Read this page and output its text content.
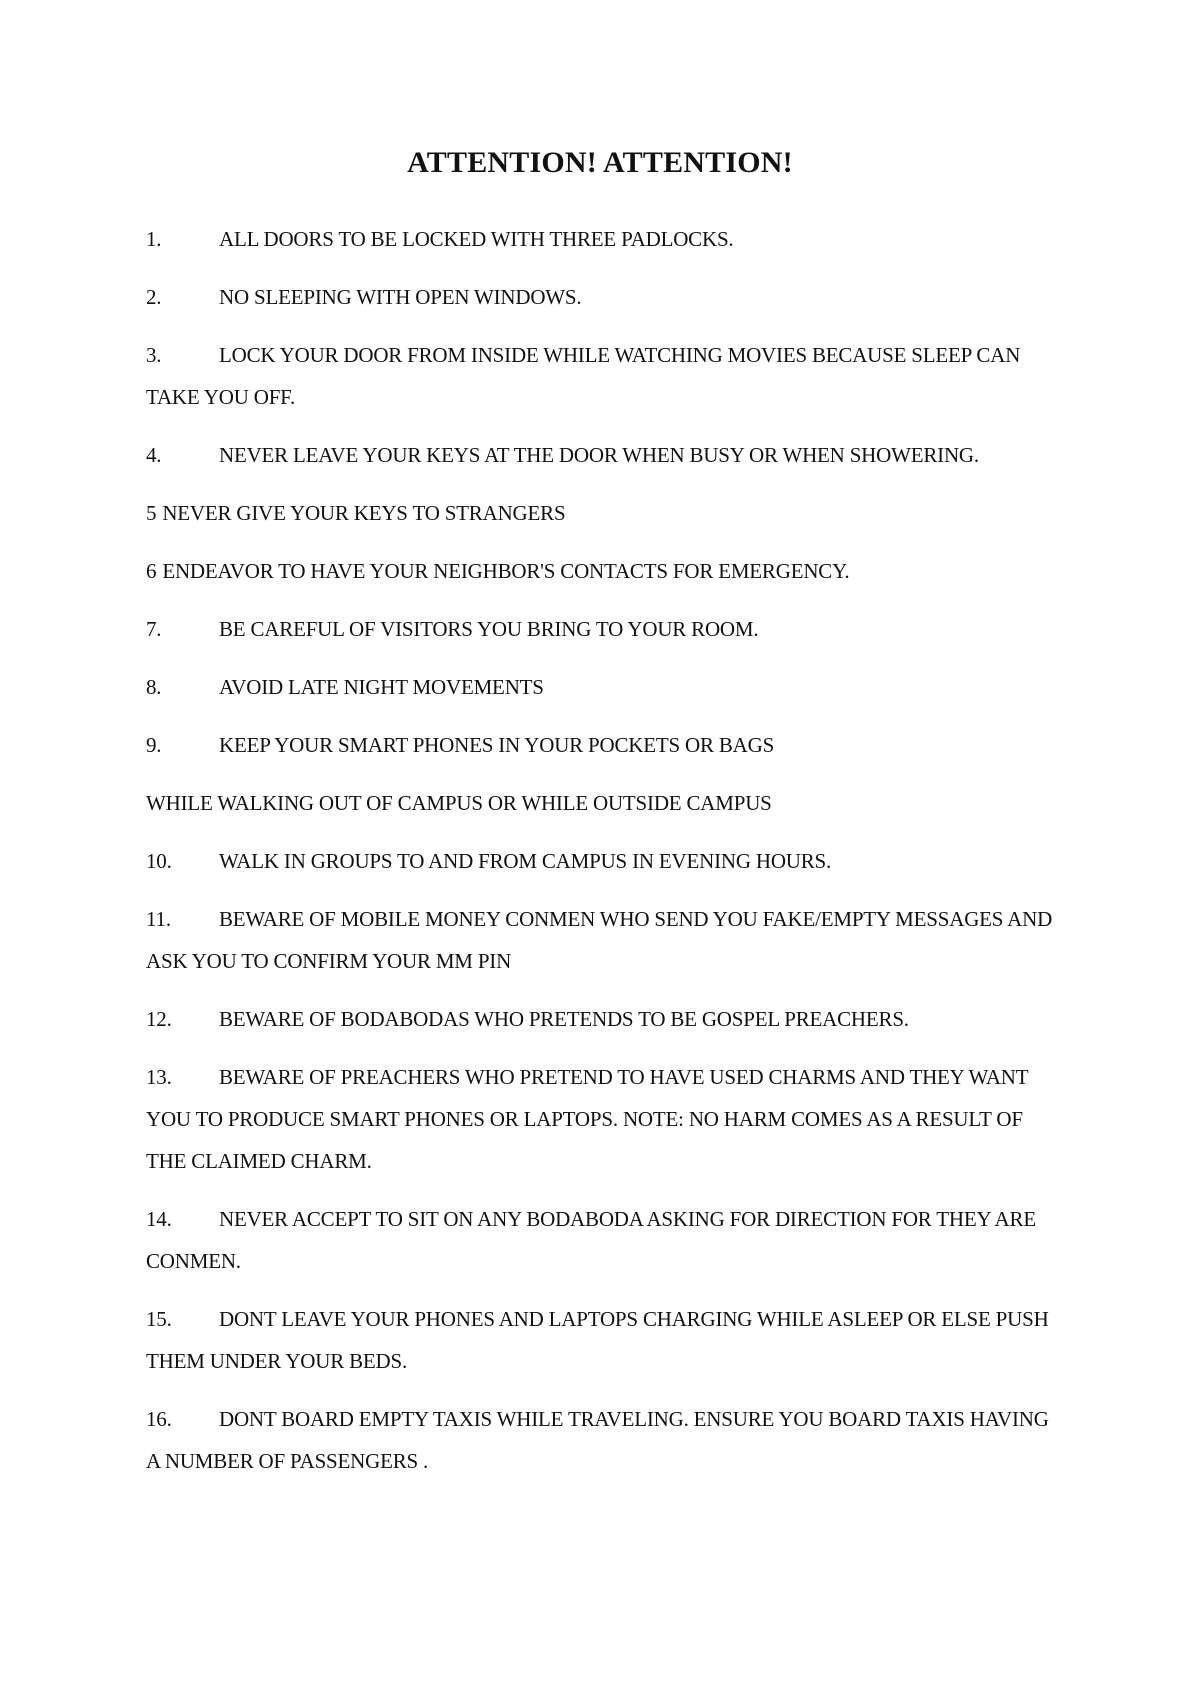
ATTENTION! ATTENTION!

1.	ALL DOORS TO BE LOCKED WITH THREE PADLOCKS.

2.	NO SLEEPING WITH OPEN WINDOWS.

3.	LOCK YOUR DOOR FROM INSIDE WHILE WATCHING MOVIES BECAUSE SLEEP CAN TAKE YOU OFF.

4.	NEVER LEAVE YOUR KEYS AT THE DOOR WHEN BUSY OR WHEN SHOWERING.

5 NEVER GIVE YOUR KEYS TO STRANGERS

6 ENDEAVOR TO HAVE YOUR NEIGHBOR'S CONTACTS FOR EMERGENCY.

7.	BE CAREFUL OF VISITORS YOU BRING TO YOUR ROOM.

8.	AVOID LATE NIGHT MOVEMENTS

9.	KEEP YOUR SMART PHONES IN YOUR POCKETS OR BAGS

WHILE WALKING OUT OF CAMPUS OR WHILE OUTSIDE CAMPUS

10. WALK IN GROUPS TO AND FROM CAMPUS IN EVENING HOURS.

11. BEWARE OF MOBILE MONEY CONMEN WHO SEND YOU FAKE/EMPTY MESSAGES AND ASK YOU TO CONFIRM YOUR MM PIN

12. BEWARE OF BODABODAS WHO PRETENDS TO BE GOSPEL PREACHERS.

13. BEWARE OF PREACHERS WHO PRETEND TO HAVE USED CHARMS AND THEY WANT YOU TO PRODUCE SMART PHONES OR LAPTOPS. NOTE: NO HARM COMES AS A RESULT OF THE CLAIMED CHARM.

14. NEVER ACCEPT TO SIT ON ANY BODABODA ASKING FOR DIRECTION FOR THEY ARE CONMEN.

15. DONT LEAVE YOUR PHONES AND LAPTOPS CHARGING WHILE ASLEEP OR ELSE PUSH THEM UNDER YOUR BEDS.

16. DONT BOARD EMPTY TAXIS WHILE TRAVELING. ENSURE YOU BOARD TAXIS HAVING A NUMBER OF PASSENGERS .
